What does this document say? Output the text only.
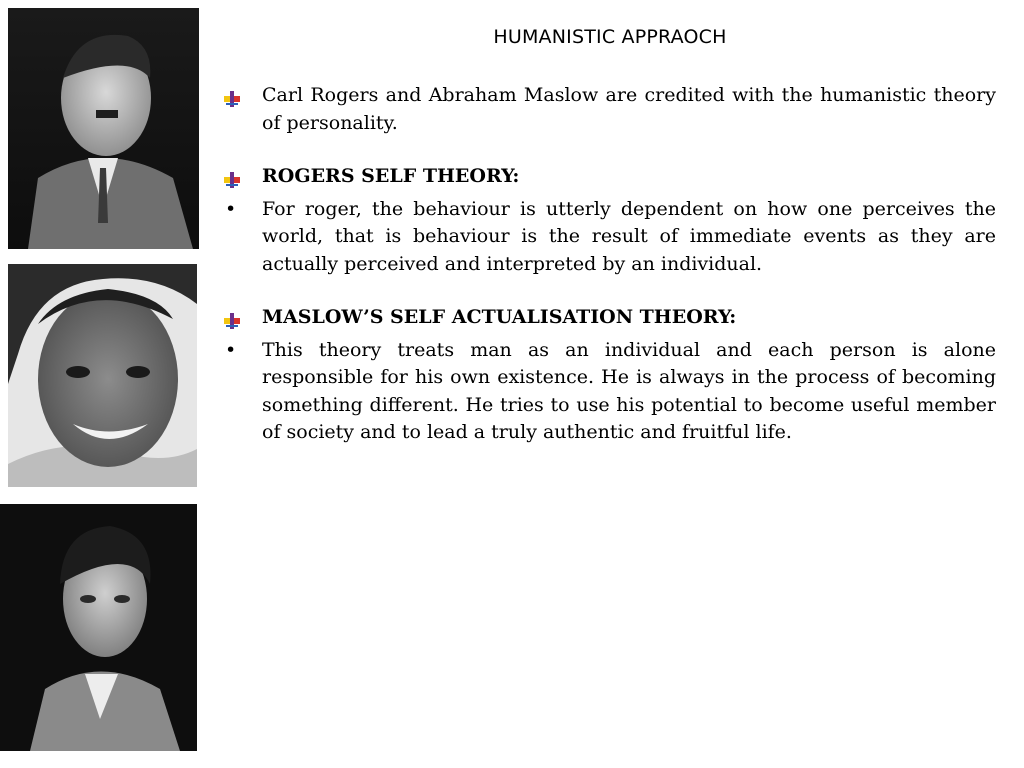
HUMANISTIC APPRAOCH
Carl Rogers and Abraham Maslow are credited with the humanistic theory of personality.
ROGERS SELF THEORY:
• For roger, the behaviour is utterly dependent on how one perceives the world, that is behaviour is the result of immediate events as they are actually perceived and interpreted by an individual.
MASLOW’S SELF ACTUALISATION THEORY:
• This theory treats man as an individual and each person is alone responsible for his own existence. He is always in the process of becoming something different. He tries to use his potential to become useful member of society and to lead a truly authentic and fruitful life.
